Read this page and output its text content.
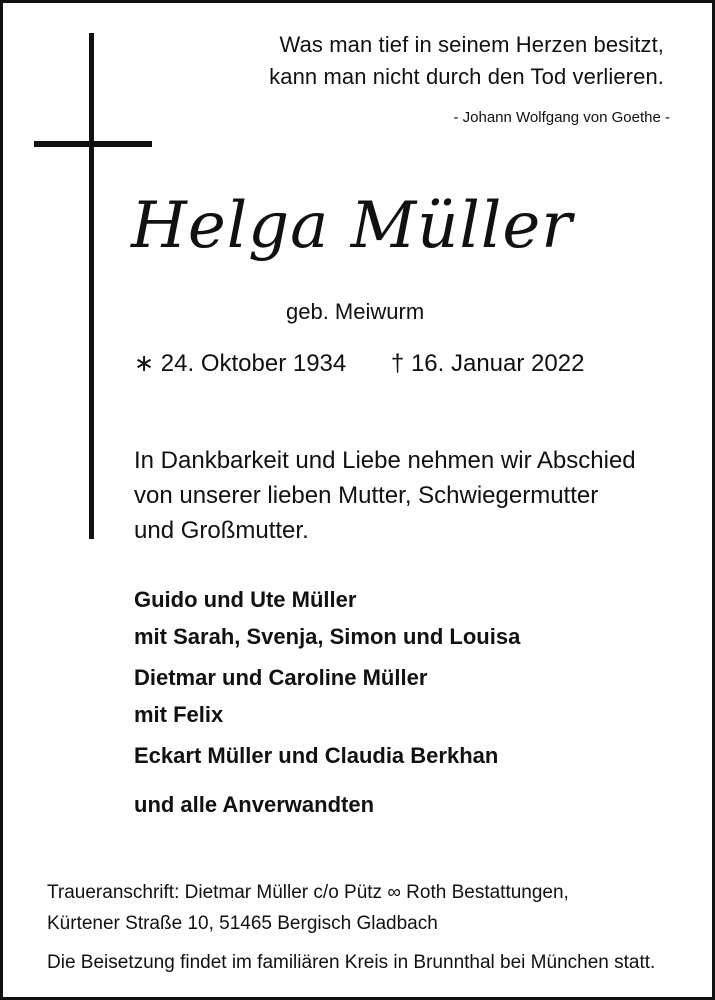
Was man tief in seinem Herzen besitzt,
kann man nicht durch den Tod verlieren.
- Johann Wolfgang von Goethe -
Helga Müller
geb. Meiwurm
∗ 24. Oktober 1934 † 16. Januar 2022
In Dankbarkeit und Liebe nehmen wir Abschied
von unserer lieben Mutter, Schwiegermutter
und Großmutter.
Guido und Ute Müller
mit Sarah, Svenja, Simon und Louisa
Dietmar und Caroline Müller
mit Felix
Eckart Müller und Claudia Berkhan
und alle Anverwandten
Traueranschrift: Dietmar Müller c/o Pütz ∞ Roth Bestattungen,
Kürtener Straße 10, 51465 Bergisch Gladbach
Die Beisetzung findet im familiären Kreis in Brunnthal bei München statt.
